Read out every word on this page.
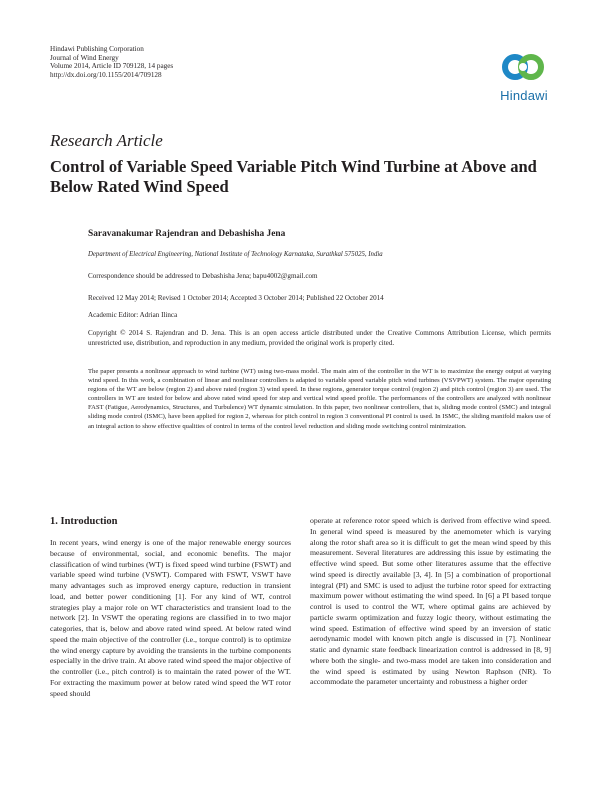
Hindawi Publishing Corporation
Journal of Wind Energy
Volume 2014, Article ID 709128, 14 pages
http://dx.doi.org/10.1155/2014/709128
Hindawi
Research Article
Control of Variable Speed Variable Pitch Wind Turbine at Above and Below Rated Wind Speed
Saravanakumar Rajendran and Debashisha Jena
Department of Electrical Engineering, National Institute of Technology Karnataka, Surathkal 575025, India
Correspondence should be addressed to Debashisha Jena; bapu4002@gmail.com
Received 12 May 2014; Revised 1 October 2014; Accepted 3 October 2014; Published 22 October 2014
Academic Editor: Adrian Ilinca
Copyright © 2014 S. Rajendran and D. Jena. This is an open access article distributed under the Creative Commons Attribution License, which permits unrestricted use, distribution, and reproduction in any medium, provided the original work is properly cited.
The paper presents a nonlinear approach to wind turbine (WT) using two-mass model. The main aim of the controller in the WT is to maximize the energy output at varying wind speed. In this work, a combination of linear and nonlinear controllers is adapted to variable speed variable pitch wind turbines (VSVPWT) system. The major operating regions of the WT are below (region 2) and above rated (region 3) wind speed. In these regions, generator torque control (region 2) and pitch control (region 3) are used. The controllers in WT are tested for below and above rated wind speed for step and vertical wind speed profile. The performances of the controllers are analyzed with nonlinear FAST (Fatigue, Aerodynamics, Structures, and Turbulence) WT dynamic simulation. In this paper, two nonlinear controllers, that is, sliding mode control (SMC) and integral sliding mode control (ISMC), have been applied for region 2, whereas for pitch control in region 3 conventional PI control is used. In ISMC, the sliding manifold makes use of an integral action to show effective qualities of control in terms of the control level reduction and sliding mode switching control minimization.
1. Introduction

In recent years, wind energy is one of the major renewable energy sources because of environmental, social, and economic benefits. The major classification of wind turbines (WT) is fixed speed wind turbine (FSWT) and variable speed wind turbine (VSWT). Compared with FSWT, VSWT have many advantages such as improved energy capture, reduction in transient load, and better power conditioning [1]. For any kind of WT, control strategies play a major role on WT characteristics and transient load to the network [2]. In VSWT the operating regions are classified in to two major categories, that is, below and above rated wind speed. At below rated wind speed the main objective of the controller (i.e., torque control) is to optimize the wind energy capture by avoiding the transients in the turbine components especially in the drive train. At above rated wind speed the major objective of the controller (i.e., pitch control) is to maintain the rated power of the WT. For extracting the maximum power at below rated wind speed the WT rotor speed should

operate at reference rotor speed which is derived from effective wind speed. In general wind speed is measured by the anemometer which is varying along the rotor shaft area so it is difficult to get the mean wind speed by this measurement. Several literatures are addressing this issue by estimating the effective wind speed. But some other literatures assume that the effective wind speed is directly available [3, 4]. In [5] a combination of proportional integral (PI) and SMC is used to adjust the turbine rotor speed for extracting maximum power without estimating the wind speed. In [6] a PI based torque control is used to control the WT, where optimal gains are achieved by particle swarm optimization and fuzzy logic theory, without estimating the wind speed. Estimation of effective wind speed by an inversion of static aerodynamic model with known pitch angle is discussed in [7]. Nonlinear static and dynamic state feedback linearization control is addressed in [8, 9] where both the single- and two-mass model are taken into consideration and the wind speed is estimated by using Newton Raphson (NR). To accommodate the parameter uncertainty and robustness a higher order
